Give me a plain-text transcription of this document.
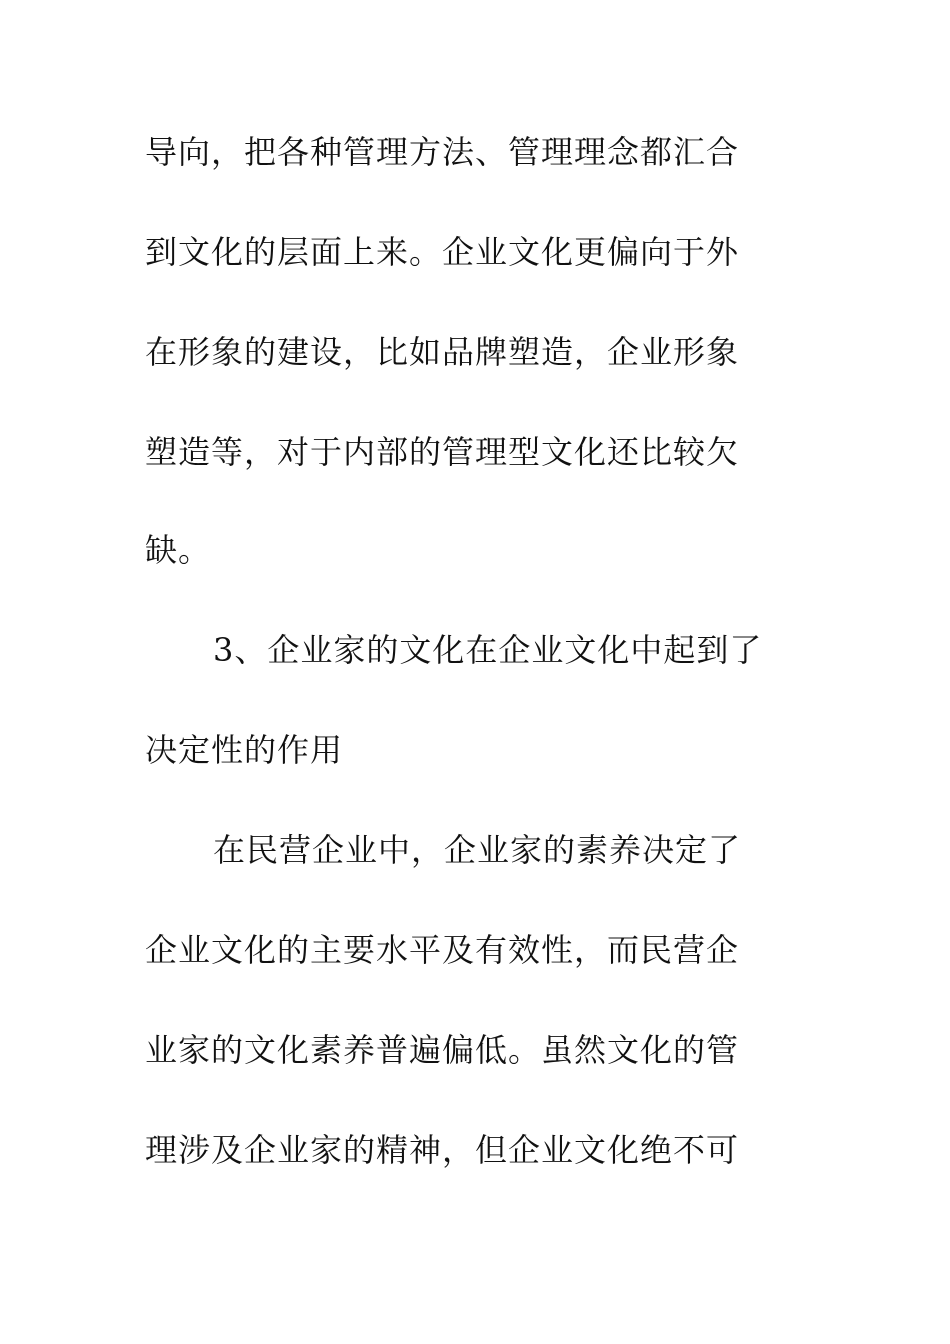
导向，把各种管理方法、管理理念都汇合
到文化的层面上来。企业文化更偏向于外
在形象的建设，比如品牌塑造，企业形象
塑造等，对于内部的管理型文化还比较欠
缺。
3、企业家的文化在企业文化中起到了
决定性的作用
在民营企业中，企业家的素养决定了
企业文化的主要水平及有效性，而民营企
业家的文化素养普遍偏低。虽然文化的管
理涉及企业家的精神，但企业文化绝不可
